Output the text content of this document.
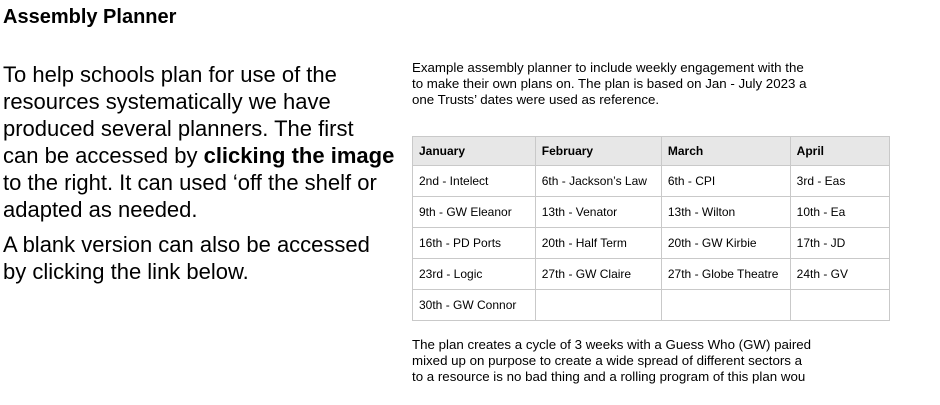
Assembly Planner

To help schools plan for use of the resources systematically we have produced several planners. The first can be accessed by clicking the image to the right. It can used ‘off the shelf or adapted as needed.

A blank version can also be accessed by clicking the link below.

Example assembly planner to include weekly engagement with the
to make their own plans on. The plan is based on Jan - July 2023 a
one Trusts’ dates were used as reference.
January	February	March	April
2nd - Intelect	6th - Jackson’s Law	6th - CPI	3rd - Eas
9th - GW Eleanor	13th - Venator	13th - Wilton	10th - Ea
16th - PD Ports	20th - Half Term	20th - GW Kirbie	17th - JD
23rd - Logic	27th - GW Claire	27th - Globe Theatre	24th - GV
30th - GW Connor			
The plan creates a cycle of 3 weeks with a Guess Who (GW) paired
mixed up on purpose to create a wide spread of different sectors a
to a resource is no bad thing and a rolling program of this plan wou
